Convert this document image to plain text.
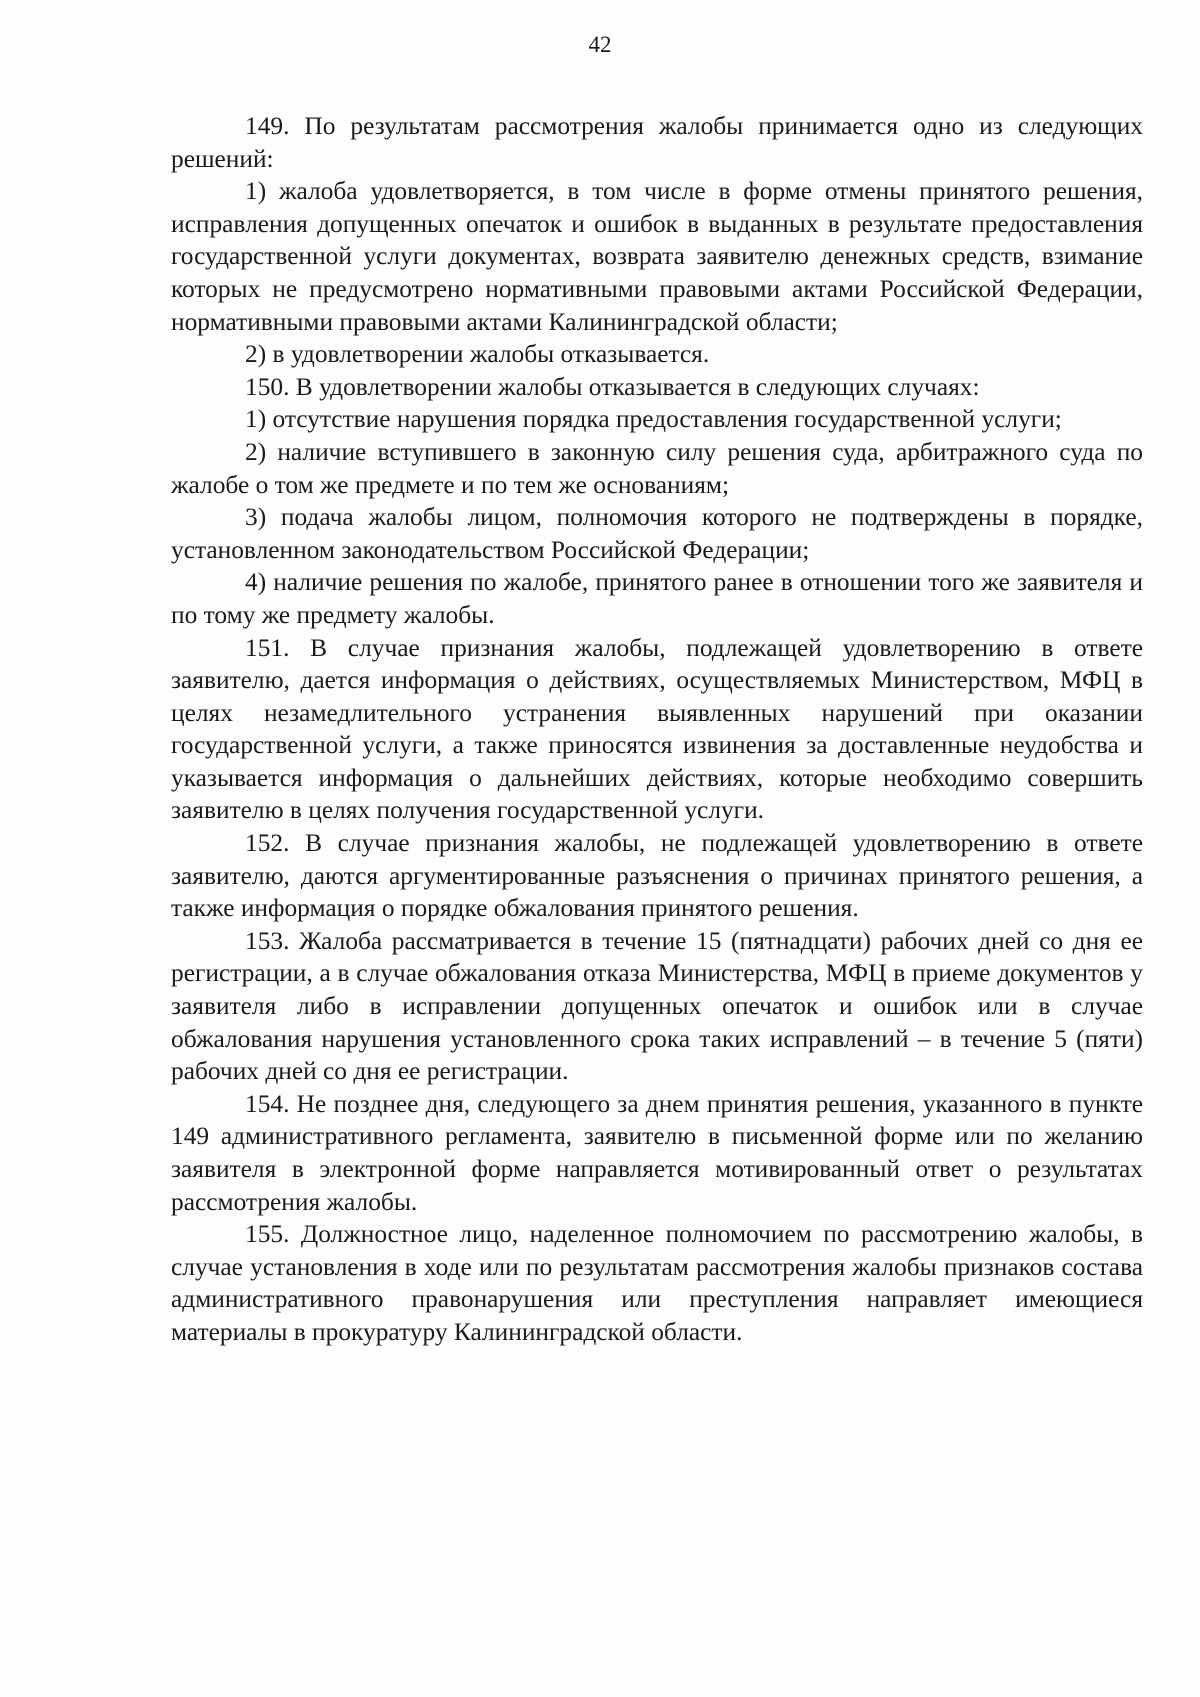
42

149. По результатам рассмотрения жалобы принимается одно из следующих решений:

1) жалоба удовлетворяется, в том числе в форме отмены принятого решения, исправления допущенных опечаток и ошибок в выданных в результате предоставления государственной услуги документах, возврата заявителю денежных средств, взимание которых не предусмотрено нормативными правовыми актами Российской Федерации, нормативными правовыми актами Калининградской области;

2) в удовлетворении жалобы отказывается.

150. В удовлетворении жалобы отказывается в следующих случаях:

1) отсутствие нарушения порядка предоставления государственной услуги;

2) наличие вступившего в законную силу решения суда, арбитражного суда по жалобе о том же предмете и по тем же основаниям;

3) подача жалобы лицом, полномочия которого не подтверждены в порядке, установленном законодательством Российской Федерации;

4) наличие решения по жалобе, принятого ранее в отношении того же заявителя и по тому же предмету жалобы.

151. В случае признания жалобы, подлежащей удовлетворению в ответе заявителю, дается информация о действиях, осуществляемых Министерством, МФЦ в целях незамедлительного устранения выявленных нарушений при оказании государственной услуги, а также приносятся извинения за доставленные неудобства и указывается информация о дальнейших действиях, которые необходимо совершить заявителю в целях получения государственной услуги.

152. В случае признания жалобы, не подлежащей удовлетворению в ответе заявителю, даются аргументированные разъяснения о причинах принятого решения, а также информация о порядке обжалования принятого решения.

153. Жалоба рассматривается в течение 15 (пятнадцати) рабочих дней со дня ее регистрации, а в случае обжалования отказа Министерства, МФЦ в приеме документов у заявителя либо в исправлении допущенных опечаток и ошибок или в случае обжалования нарушения установленного срока таких исправлений – в течение 5 (пяти) рабочих дней со дня ее регистрации.

154. Не позднее дня, следующего за днем принятия решения, указанного в пункте 149 административного регламента, заявителю в письменной форме или по желанию заявителя в электронной форме направляется мотивированный ответ о результатах рассмотрения жалобы.

155. Должностное лицо, наделенное полномочием по рассмотрению жалобы, в случае установления в ходе или по результатам рассмотрения жалобы признаков состава административного правонарушения или преступления направляет имеющиеся материалы в прокуратуру Калининградской области.
